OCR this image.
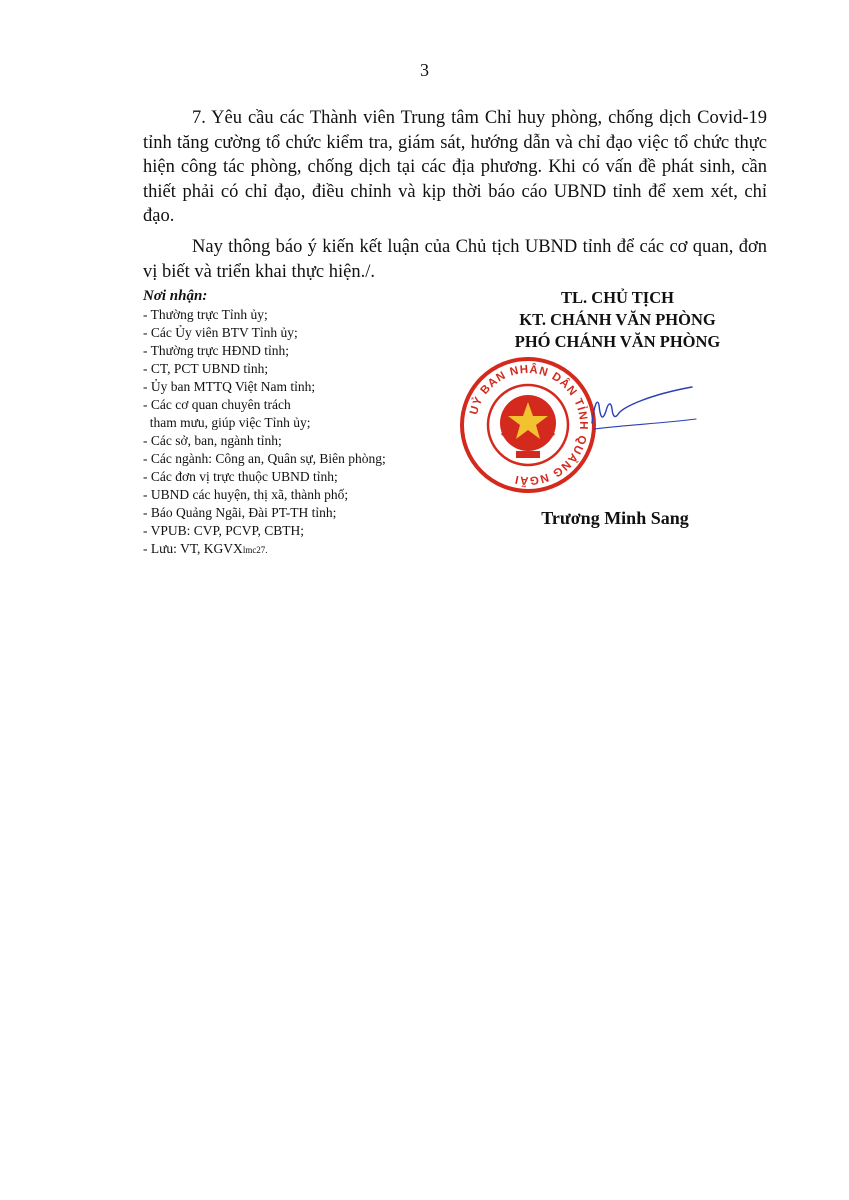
3
7. Yêu cầu các Thành viên Trung tâm Chỉ huy phòng, chống dịch Covid-19 tỉnh tăng cường tổ chức kiểm tra, giám sát, hướng dẫn và chỉ đạo việc tổ chức thực hiện công tác phòng, chống dịch tại các địa phương. Khi có vấn đề phát sinh, cần thiết phải có chỉ đạo, điều chỉnh và kịp thời báo cáo UBND tỉnh để xem xét, chỉ đạo.
Nay thông báo ý kiến kết luận của Chủ tịch UBND tỉnh để các cơ quan, đơn vị biết và triển khai thực hiện./.
Nơi nhận:
- Thường trực Tỉnh ủy;
- Các Ủy viên BTV Tỉnh ủy;
- Thường trực HĐND tỉnh;
- CT, PCT UBND tỉnh;
- Ủy ban MTTQ Việt Nam tỉnh;
- Các cơ quan chuyên trách
tham mưu, giúp việc Tỉnh ủy;
- Các sở, ban, ngành tỉnh;
- Các ngành: Công an, Quân sự, Biên phòng;
- Các đơn vị trực thuộc UBND tỉnh;
- UBND các huyện, thị xã, thành phố;
- Báo Quảng Ngãi, Đài PT-TH tỉnh;
- VPUB: CVP, PCVP, CBTH;
- Lưu: VT, KGVXlmc27.
TL. CHỦ TỊCH
KT. CHÁNH VĂN PHÒNG
PHÓ CHÁNH VĂN PHÒNG
UỶ BAN NHÂN DÂN TỈNH QUẢNG NGÃI
Trương Minh Sang
